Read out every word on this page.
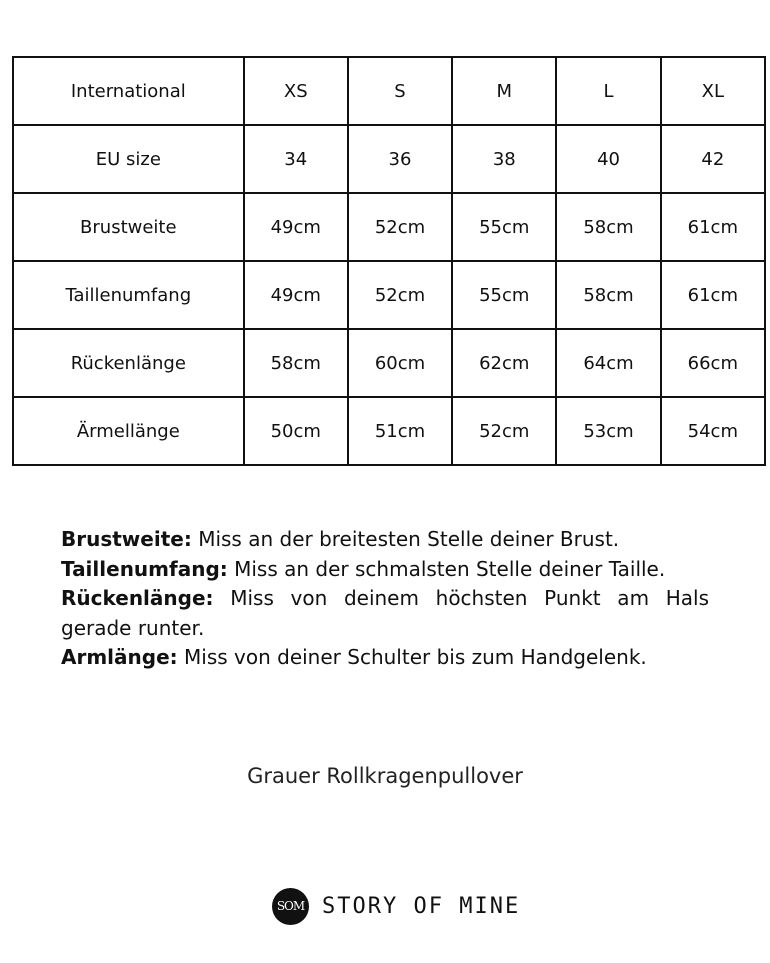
International	XS	S	M	L	XL
EU size	34	36	38	40	42
Brustweite	49cm	52cm	55cm	58cm	61cm
Taillenumfang	49cm	52cm	55cm	58cm	61cm
Rückenlänge	58cm	60cm	62cm	64cm	66cm
Ärmellänge	50cm	51cm	52cm	53cm	54cm

Brustweite: Miss an der breitesten Stelle deiner Brust.

Taillenumfang: Miss an der schmalsten Stelle deiner Taille.

Rückenlänge: Miss von deinem höchsten Punkt am Hals gerade runter.

Armlänge: Miss von deiner Schulter bis zum Handgelenk.

Grauer Rollkragenpullover
SOM STORY OF MINE
